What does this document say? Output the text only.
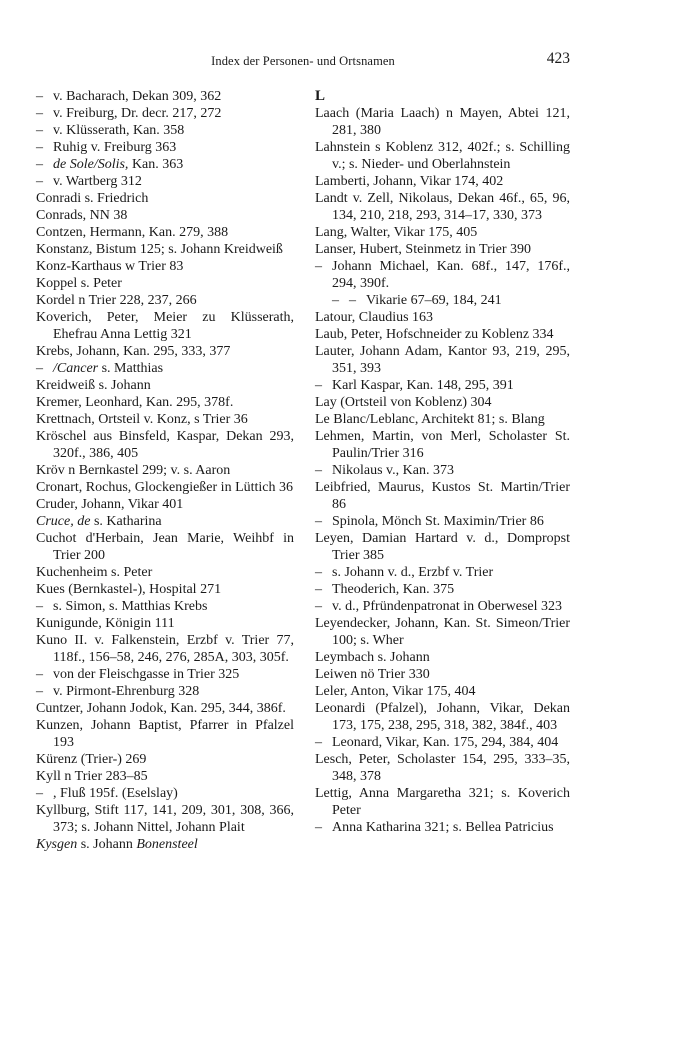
Index der Personen- und Ortsnamen	423

– v. Bacharach, Dekan 309, 362

– v. Freiburg, Dr. decr. 217, 272

– v. Klüsserath, Kan. 358

– Ruhig v. Freiburg 363

– de Sole/Solis, Kan. 363

– v. Wartberg 312

Conradi s. Friedrich

Conrads, NN 38

Contzen, Hermann, Kan. 279, 388

Konstanz, Bistum 125; s. Johann Kreidweiß

Konz-Karthaus w Trier 83

Koppel s. Peter

Kordel n Trier 228, 237, 266

Koverich, Peter, Meier zu Klüsserath, Ehefrau Anna Lettig 321

Krebs, Johann, Kan. 295, 333, 377

– /Cancer s. Matthias

Kreidweiß s. Johann

Kremer, Leonhard, Kan. 295, 378f.

Krettnach, Ortsteil v. Konz, s Trier 36

Kröschel aus Binsfeld, Kaspar, Dekan 293, 320f., 386, 405

Kröv n Bernkastel 299; v. s. Aaron

Cronart, Rochus, Glockengießer in Lüttich 36

Cruder, Johann, Vikar 401

Cruce, de s. Katharina

Cuchot d'Herbain, Jean Marie, Weihbf in Trier 200

Kuchenheim s. Peter

Kues (Bernkastel-), Hospital 271

– s. Simon, s. Matthias Krebs

Kunigunde, Königin 111

Kuno II. v. Falkenstein, Erzbf v. Trier 77, 118f., 156–58, 246, 276, 285A, 303, 305f.

– von der Fleischgasse in Trier 325

– v. Pirmont-Ehrenburg 328

Cuntzer, Johann Jodok, Kan. 295, 344, 386f.

Kunzen, Johann Baptist, Pfarrer in Pfalzel 193

Kürenz (Trier-) 269

Kyll n Trier 283–85

– , Fluß 195f. (Eselslay)

Kyllburg, Stift 117, 141, 209, 301, 308, 366, 373; s. Johann Nittel, Johann Plait

Kysgen s. Johann Bonensteel

L

Laach (Maria Laach) n Mayen, Abtei 121, 281, 380

Lahnstein s Koblenz 312, 402f.; s. Schilling v.; s. Nieder- und Oberlahnstein

Lamberti, Johann, Vikar 174, 402

Landt v. Zell, Nikolaus, Dekan 46f., 65, 96, 134, 210, 218, 293, 314–17, 330, 373

Lang, Walter, Vikar 175, 405

Lanser, Hubert, Steinmetz in Trier 390

– Johann Michael, Kan. 68f., 147, 176f., 294, 390f.

– – Vikarie 67–69, 184, 241

Latour, Claudius 163

Laub, Peter, Hofschneider zu Koblenz 334

Lauter, Johann Adam, Kantor 93, 219, 295, 351, 393

– Karl Kaspar, Kan. 148, 295, 391

Lay (Ortsteil von Koblenz) 304

Le Blanc/Leblanc, Architekt 81; s. Blang

Lehmen, Martin, von Merl, Scholaster St. Paulin/Trier 316

– Nikolaus v., Kan. 373

Leibfried, Maurus, Kustos St. Martin/Trier 86

– Spinola, Mönch St. Maximin/Trier 86

Leyen, Damian Hartard v. d., Dompropst Trier 385

– s. Johann v. d., Erzbf v. Trier

– Theoderich, Kan. 375

– v. d., Pfründenpatronat in Oberwesel 323

Leyendecker, Johann, Kan. St. Simeon/Trier 100; s. Wher

Leymbach s. Johann

Leiwen nö Trier 330

Leler, Anton, Vikar 175, 404

Leonardi (Pfalzel), Johann, Vikar, Dekan 173, 175, 238, 295, 318, 382, 384f., 403

– Leonard, Vikar, Kan. 175, 294, 384, 404

Lesch, Peter, Scholaster 154, 295, 333–35, 348, 378

Lettig, Anna Margaretha 321; s. Koverich Peter

– Anna Katharina 321; s. Bellea Patricius
